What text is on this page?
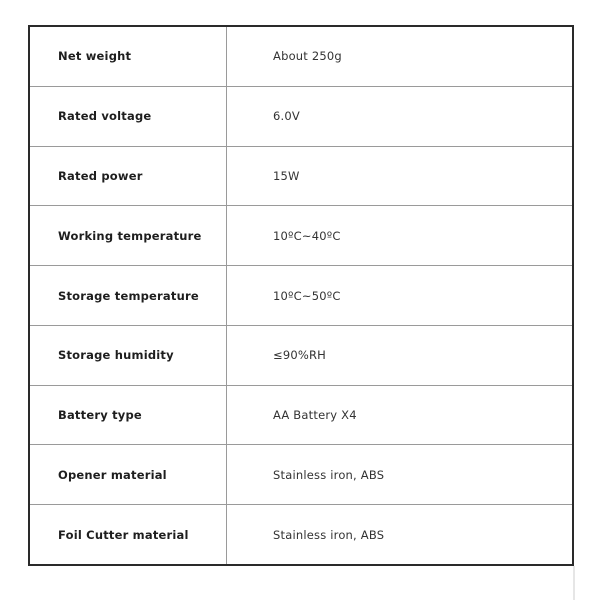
Net weight	About 250g
Rated voltage	6.0V
Rated power	15W
Working temperature	10ºC~40ºC
Storage temperature	10ºC~50ºC
Storage humidity	≤90%RH
Battery type	AA Battery X4
Opener material	Stainless iron, ABS
Foil Cutter material	Stainless iron, ABS
